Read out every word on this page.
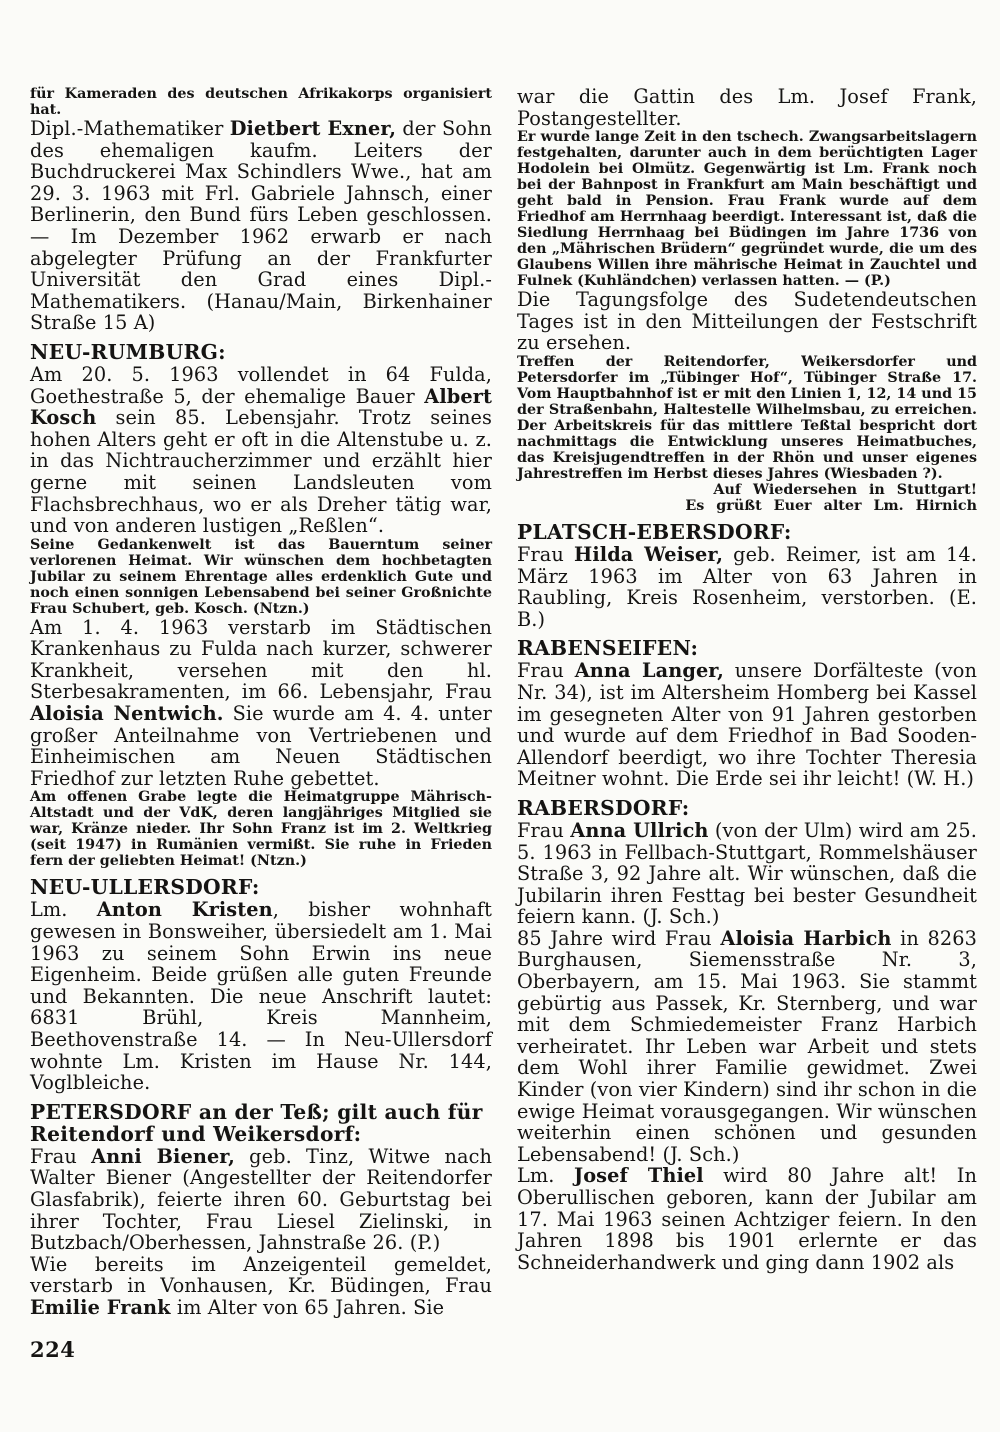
für Kameraden des deutschen Afrikakorps organisiert hat.

Dipl.-Mathematiker Dietbert Exner, der Sohn des ehemaligen kaufm. Leiters der Buchdruckerei Max Schindlers Wwe., hat am 29. 3. 1963 mit Frl. Gabriele Jahnsch, einer Berlinerin, den Bund fürs Leben geschlossen. — Im Dezember 1962 erwarb er nach abgelegter Prüfung an der Frankfurter Universität den Grad eines Dipl.-Mathematikers. (Hanau/Main, Birkenhainer Straße 15 A)

NEU-RUMBURG:

Am 20. 5. 1963 vollendet in 64 Fulda, Goethestraße 5, der ehemalige Bauer Albert Kosch sein 85. Lebensjahr. Trotz seines hohen Alters geht er oft in die Altenstube u. z. in das Nichtraucherzimmer und erzählt hier gerne mit seinen Landsleuten vom Flachsbrechhaus, wo er als Dreher tätig war, und von anderen lustigen „Reßlen“.

Seine Gedankenwelt ist das Bauerntum seiner verlorenen Heimat. Wir wünschen dem hochbetagten Jubilar zu seinem Ehrentage alles erdenklich Gute und noch einen sonnigen Lebensabend bei seiner Großnichte Frau Schubert, geb. Kosch. (Ntzn.)

Am 1. 4. 1963 verstarb im Städtischen Krankenhaus zu Fulda nach kurzer, schwerer Krankheit, versehen mit den hl. Sterbesakramenten, im 66. Lebensjahr, Frau Aloisia Nentwich. Sie wurde am 4. 4. unter großer Anteilnahme von Vertriebenen und Einheimischen am Neuen Städtischen Friedhof zur letzten Ruhe gebettet.

Am offenen Grabe legte die Heimatgruppe Mährisch-Altstadt und der VdK, deren langjähriges Mitglied sie war, Kränze nieder. Ihr Sohn Franz ist im 2. Weltkrieg (seit 1947) in Rumänien vermißt. Sie ruhe in Frieden fern der geliebten Heimat! (Ntzn.)

NEU-ULLERSDORF:

Lm. Anton Kristen, bisher wohnhaft gewesen in Bonsweiher, übersiedelt am 1. Mai 1963 zu seinem Sohn Erwin ins neue Eigenheim. Beide grüßen alle guten Freunde und Bekannten. Die neue Anschrift lautet: 6831 Brühl, Kreis Mannheim, Beethovenstraße 14. — In Neu-Ullersdorf wohnte Lm. Kristen im Hause Nr. 144, Voglbleiche.

PETERSDORF an der Teß; gilt auch für Reitendorf und Weikersdorf:

Frau Anni Biener, geb. Tinz, Witwe nach Walter Biener (Angestellter der Reitendorfer Glasfabrik), feierte ihren 60. Geburtstag bei ihrer Tochter, Frau Liesel Zielinski, in Butzbach/Oberhessen, Jahnstraße 26. (P.)

Wie bereits im Anzeigenteil gemeldet, verstarb in Vonhausen, Kr. Büdingen, Frau Emilie Frank im Alter von 65 Jahren. Sie

224

war die Gattin des Lm. Josef Frank, Postangestellter.

Er wurde lange Zeit in den tschech. Zwangsarbeitslagern festgehalten, darunter auch in dem berüchtigten Lager Hodolein bei Olmütz. Gegenwärtig ist Lm. Frank noch bei der Bahnpost in Frankfurt am Main beschäftigt und geht bald in Pension. Frau Frank wurde auf dem Friedhof am Herrnhaag beerdigt. Interessant ist, daß die Siedlung Herrnhaag bei Büdingen im Jahre 1736 von den „Mährischen Brüdern“ gegründet wurde, die um des Glaubens Willen ihre mährische Heimat in Zauchtel und Fulnek (Kuhländchen) verlassen hatten. — (P.)

Die Tagungsfolge des Sudetendeutschen Tages ist in den Mitteilungen der Festschrift zu ersehen.

Treffen der Reitendorfer, Weikersdorfer und Petersdorfer im „Tübinger Hof“, Tübinger Straße 17. Vom Hauptbahnhof ist er mit den Linien 1, 12, 14 und 15 der Straßenbahn, Haltestelle Wilhelmsbau, zu erreichen. Der Arbeitskreis für das mittlere Teßtal bespricht dort nachmittags die Entwicklung unseres Heimatbuches, das Kreisjugendtreffen in der Rhön und unser eigenes Jahrestreffen im Herbst dieses Jahres (Wiesbaden ?).

Auf Wiedersehen in Stuttgart!

Es grüßt Euer alter Lm. Hirnich

PLATSCH-EBERSDORF:

Frau Hilda Weiser, geb. Reimer, ist am 14. März 1963 im Alter von 63 Jahren in Raubling, Kreis Rosenheim, verstorben. (E. B.)

RABENSEIFEN:

Frau Anna Langer, unsere Dorfälteste (von Nr. 34), ist im Altersheim Homberg bei Kassel im gesegneten Alter von 91 Jahren gestorben und wurde auf dem Friedhof in Bad Sooden-Allendorf beerdigt, wo ihre Tochter Theresia Meitner wohnt. Die Erde sei ihr leicht! (W. H.)

RABERSDORF:

Frau Anna Ullrich (von der Ulm) wird am 25. 5. 1963 in Fellbach-Stuttgart, Rommelshäuser Straße 3, 92 Jahre alt. Wir wünschen, daß die Jubilarin ihren Festtag bei bester Gesundheit feiern kann. (J. Sch.)

85 Jahre wird Frau Aloisia Harbich in 8263 Burghausen, Siemensstraße Nr. 3, Oberbayern, am 15. Mai 1963. Sie stammt gebürtig aus Passek, Kr. Sternberg, und war mit dem Schmiedemeister Franz Harbich verheiratet. Ihr Leben war Arbeit und stets dem Wohl ihrer Familie gewidmet. Zwei Kinder (von vier Kindern) sind ihr schon in die ewige Heimat vorausgegangen. Wir wünschen weiterhin einen schönen und gesunden Lebensabend! (J. Sch.)

Lm. Josef Thiel wird 80 Jahre alt! In Oberullischen geboren, kann der Jubilar am 17. Mai 1963 seinen Achtziger feiern. In den Jahren 1898 bis 1901 erlernte er das Schneiderhandwerk und ging dann 1902 als
